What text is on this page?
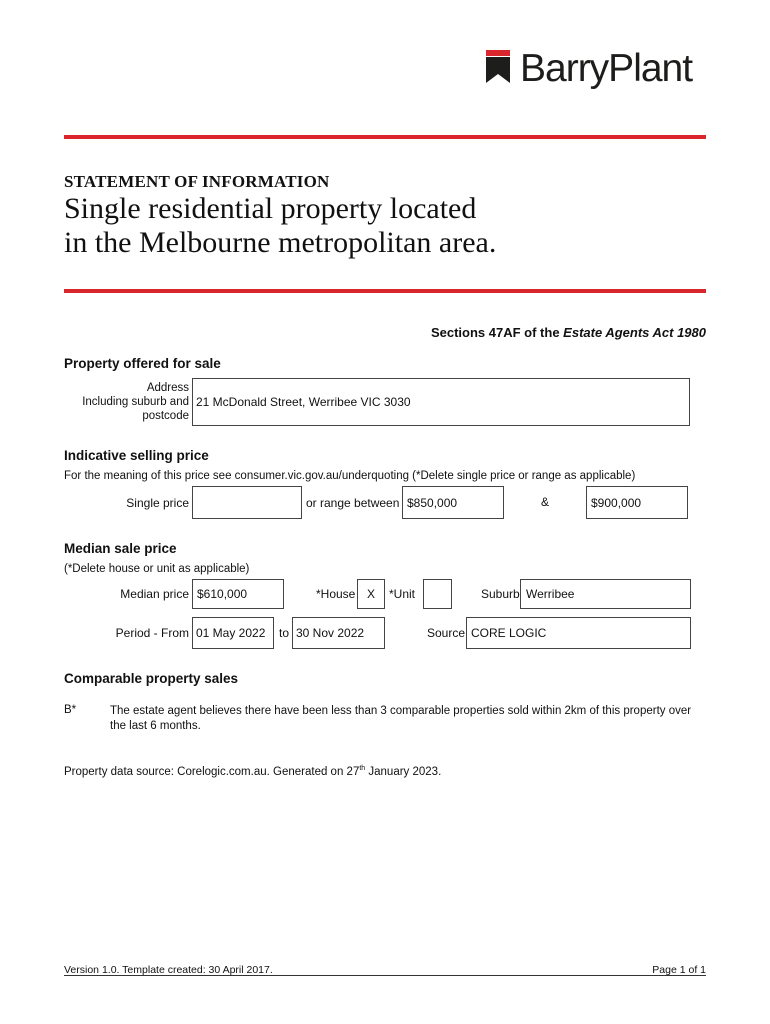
BarryPlant
STATEMENT OF INFORMATION
Single residential property located
in the Melbourne metropolitan area.
Sections 47AF of the Estate Agents Act 1980
Property offered for sale
Address
Including suburb and
postcode
21 McDonald Street, Werribee VIC 3030
Indicative selling price
For the meaning of this price see consumer.vic.gov.au/underquoting (*Delete single price or range as applicable)
Single price	or range between $850,000	&	$900,000
Median sale price
(*Delete house or unit as applicable)
Median price $610,000	*House X *Unit	Suburb Werribee
Period - From 01 May 2022 to 30 Nov 2022	Source CORE LOGIC
Comparable property sales
B*	The estate agent believes there have been less than 3 comparable properties sold within 2km of this property over
the last 6 months.
Property data source: Corelogic.com.au. Generated on 27th January 2023.
Version 1.0. Template created: 30 April 2017.	Page 1 of 1
